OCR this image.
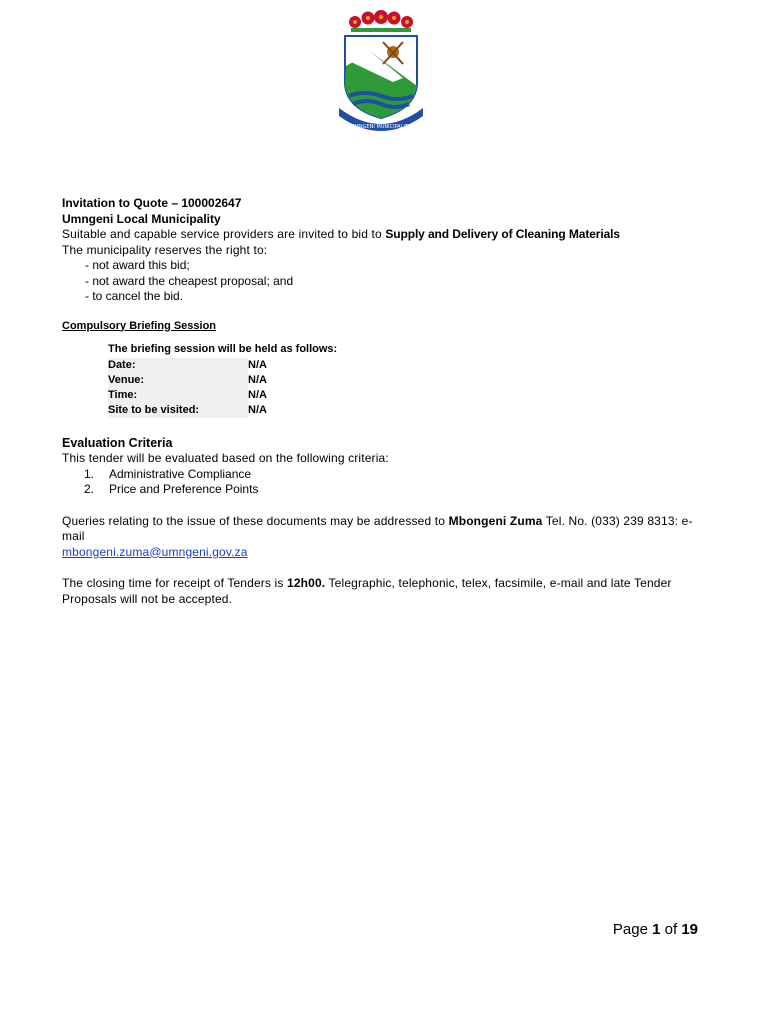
UMNGENI MUNICIPALITY
Invitation to Quote – 100002647
Umngeni Local Municipality
Suitable and capable service providers are invited to bid to Supply and Delivery of Cleaning Materials
The municipality reserves the right to:
- not award this bid;
- not award the cheapest proposal; and
- to cancel the bid.
Compulsory Briefing Session
The briefing session will be held as follows:
Date:	N/A
Venue:	N/A
Time:	N/A
Site to be visited:	N/A
Evaluation Criteria
This tender will be evaluated based on the following criteria:
1. Administrative Compliance
2. Price and Preference Points
Queries relating to the issue of these documents may be addressed to Mbongeni Zuma Tel. No. (033) 239 8313: e-mail
mbongeni.zuma@umngeni.gov.za
The closing time for receipt of Tenders is 12h00. Telegraphic, telephonic, telex, facsimile, e-mail and late Tender Proposals will not be accepted.
Page 1 of 19
